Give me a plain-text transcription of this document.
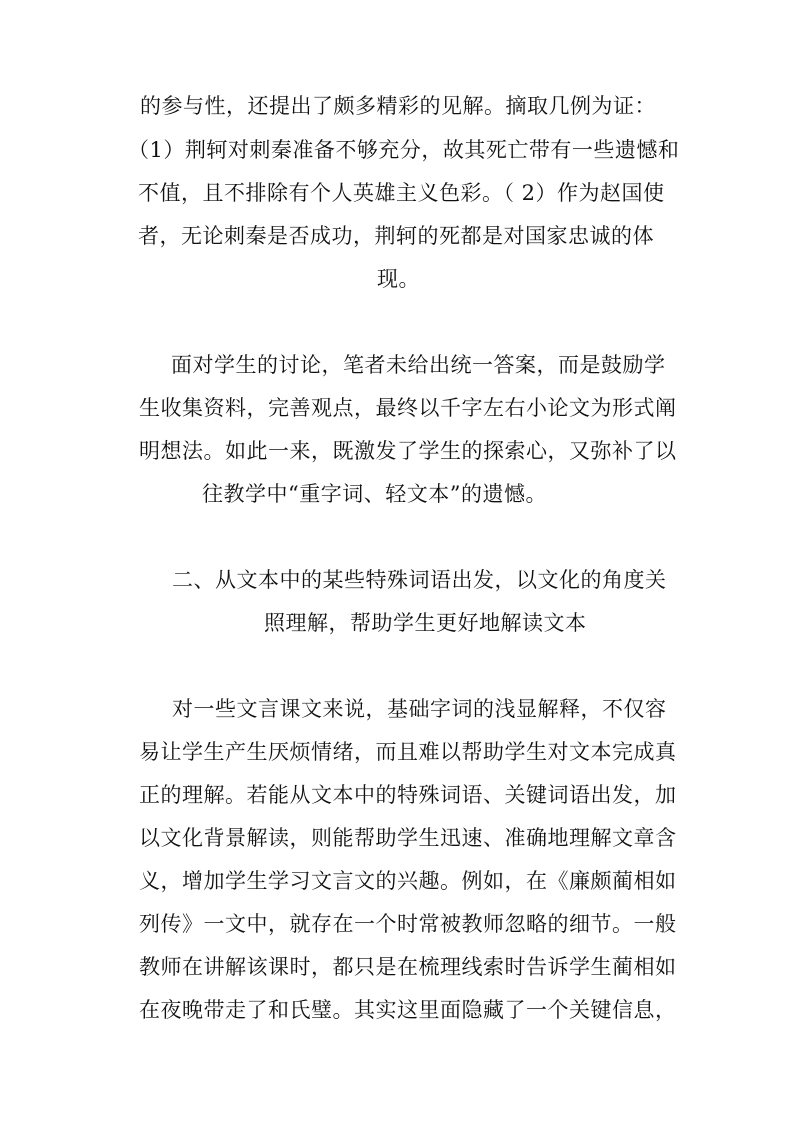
的参与性，还提出了颇多精彩的见解。摘取几例为证：
（1）荆轲对刺秦准备不够充分，故其死亡带有一些遗憾和
不值，且不排除有个人英雄主义色彩。（ 2）作为赵国使
者，无论刺秦是否成功，荆轲的死都是对国家忠诚的体
现。
面对学生的讨论，笔者未给出统一答案，而是鼓励学
生收集资料，完善观点，最终以千字左右小论文为形式阐
明想法。如此一来，既激发了学生的探索心，又弥补了以
往教学中“重字词、轻文本”的遗憾。
二、从文本中的某些特殊词语出发，以文化的角度关
照理解，帮助学生更好地解读文本
对一些文言课文来说，基础字词的浅显解释，不仅容
易让学生产生厌烦情绪，而且难以帮助学生对文本完成真
正的理解。若能从文本中的特殊词语、关键词语出发，加
以文化背景解读，则能帮助学生迅速、准确地理解文章含
义，增加学生学习文言文的兴趣。例如，在《廉颇蔺相如
列传》一文中，就存在一个时常被教师忽略的细节。一般
教师在讲解该课时，都只是在梳理线索时告诉学生蔺相如
在夜晚带走了和氏璧。其实这里面隐藏了一个关键信息，
